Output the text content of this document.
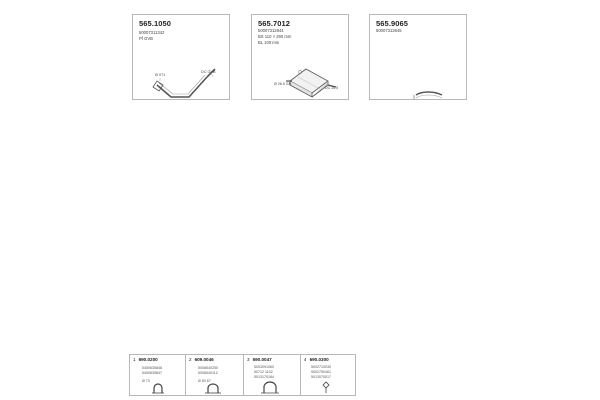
565.1050
50007311342
Pf GVB
Ø 071
DC GVB
565.7012
50007312844
BS 110 × 290 mm
BL 100 mm
Ø 26.5 GR
DC 26.5
565.9065
50007313645
1 690.0200
5450635848
5450635847
Ø 73
2 609.0046
5008540250
5008540112
Ø 50 67
3 590.0047
5003091060
50712 1102
5013170184
4 690.0300
5002710030
5002750461
5013070017
